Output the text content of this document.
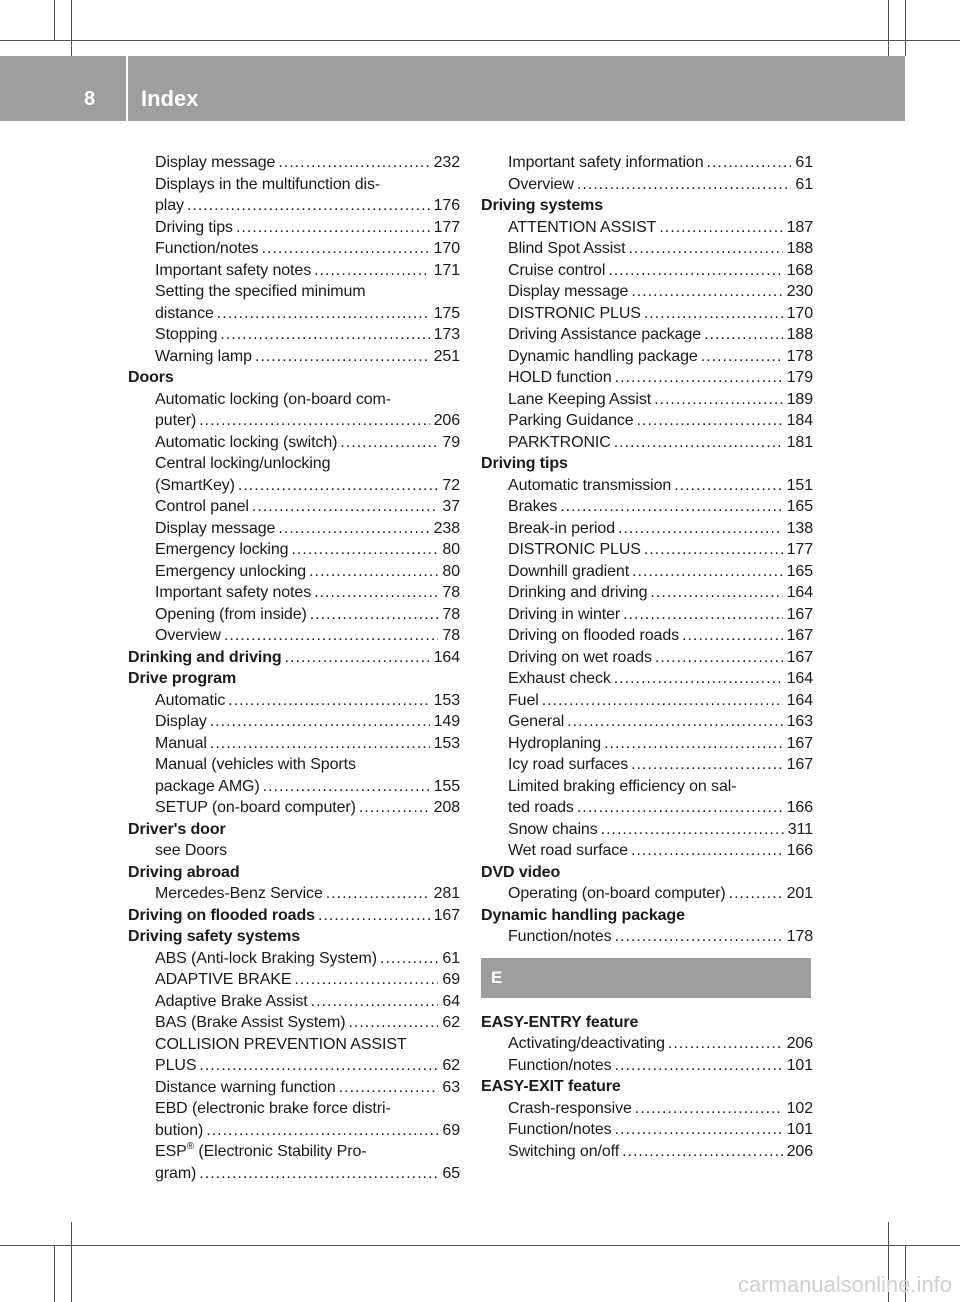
8 Index
Display message .....	232
Displays in the multifunction dis-
play .....	176
Driving tips .....	177
Function/notes .....	170
Important safety notes .....	171
Setting the specified minimum
distance .....	175
Stopping .....	173
Warning lamp .....	251
Doors
Automatic locking (on-board com-
puter) .....	206
Automatic locking (switch) .....	79
Central locking/unlocking
(SmartKey) .....	72
Control panel .....	37
Display message .....	238
Emergency locking .....	80
Emergency unlocking .....	80
Important safety notes .....	78
Opening (from inside) .....	78
Overview .....	78
Drinking and driving .....	164
Drive program
Automatic .....	153
Display .....	149
Manual .....	153
Manual (vehicles with Sports
package AMG) .....	155
SETUP (on-board computer) .....	208
Driver's door
see Doors
Driving abroad
Mercedes-Benz Service .....	281
Driving on flooded roads .....	167
Driving safety systems
ABS (Anti-lock Braking System) .....	61
ADAPTIVE BRAKE .....	69
Adaptive Brake Assist .....	64
BAS (Brake Assist System) .....	62
COLLISION PREVENTION ASSIST
PLUS .....	62
Distance warning function .....	63
EBD (electronic brake force distri-
bution) .....	69
ESP® (Electronic Stability Pro-
gram) .....	65
Important safety information .....	61
Overview .....	61
Driving systems
ATTENTION ASSIST .....	187
Blind Spot Assist .....	188
Cruise control .....	168
Display message .....	230
DISTRONIC PLUS .....	170
Driving Assistance package .....	188
Dynamic handling package .....	178
HOLD function .....	179
Lane Keeping Assist .....	189
Parking Guidance .....	184
PARKTRONIC .....	181
Driving tips
Automatic transmission .....	151
Brakes .....	165
Break-in period .....	138
DISTRONIC PLUS .....	177
Downhill gradient .....	165
Drinking and driving .....	164
Driving in winter .....	167
Driving on flooded roads .....	167
Driving on wet roads .....	167
Exhaust check .....	164
Fuel .....	164
General .....	163
Hydroplaning .....	167
Icy road surfaces .....	167
Limited braking efficiency on sal-
ted roads .....	166
Snow chains .....	311
Wet road surface .....	166
DVD video
Operating (on-board computer) .....	201
Dynamic handling package
Function/notes .....	178
E
EASY-ENTRY feature
Activating/deactivating .....	206
Function/notes .....	101
EASY-EXIT feature
Crash-responsive .....	102
Function/notes .....	101
Switching on/off .....	206
carmanualsonline.info
